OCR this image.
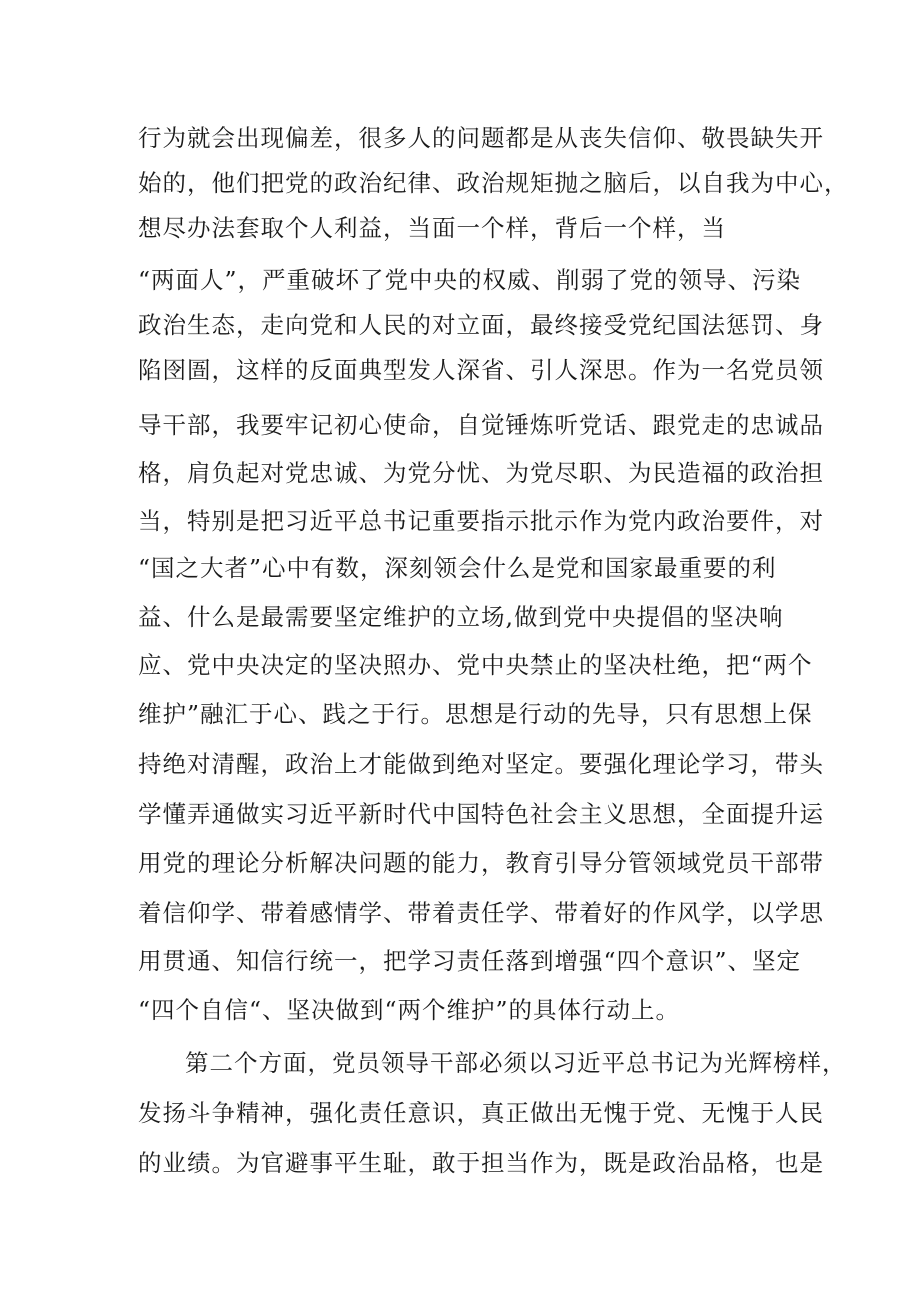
行为就会出现偏差，很多人的问题都是从丧失信仰、敬畏缺失开
始的，他们把党的政治纪律、政治规矩抛之脑后，以自我为中心，
想尽办法套取个人利益，当面一个样，背后一个样，当
“两面人”，严重破坏了党中央的权威、削弱了党的领导、污染
政治生态，走向党和人民的对立面，最终接受党纪国法惩罚、身
陷囹圄，这样的反面典型发人深省、引人深思。作为一名党员领
导干部，我要牢记初心使命，自觉锤炼听党话、跟党走的忠诚品
格，肩负起对党忠诚、为党分忧、为党尽职、为民造福的政治担
当，特别是把习近平总书记重要指示批示作为党内政治要件，对
“国之大者”心中有数，深刻领会什么是党和国家最重要的利
益、什么是最需要坚定维护的立场,做到党中央提倡的坚决响
应、党中央决定的坚决照办、党中央禁止的坚决杜绝，把“两个
维护”融汇于心、践之于行。思想是行动的先导，只有思想上保
持绝对清醒，政治上才能做到绝对坚定。要强化理论学习，带头
学懂弄通做实习近平新时代中国特色社会主义思想，全面提升运
用党的理论分析解决问题的能力，教育引导分管领域党员干部带
着信仰学、带着感情学、带着责任学、带着好的作风学，以学思
用贯通、知信行统一，把学习责任落到增强“四个意识”、坚定
“四个自信“、坚决做到“两个维护”的具体行动上。
第二个方面，党员领导干部必须以习近平总书记为光辉榜样，
发扬斗争精神，强化责任意识，真正做出无愧于党、无愧于人民
的业绩。为官避事平生耻，敢于担当作为，既是政治品格，也是
